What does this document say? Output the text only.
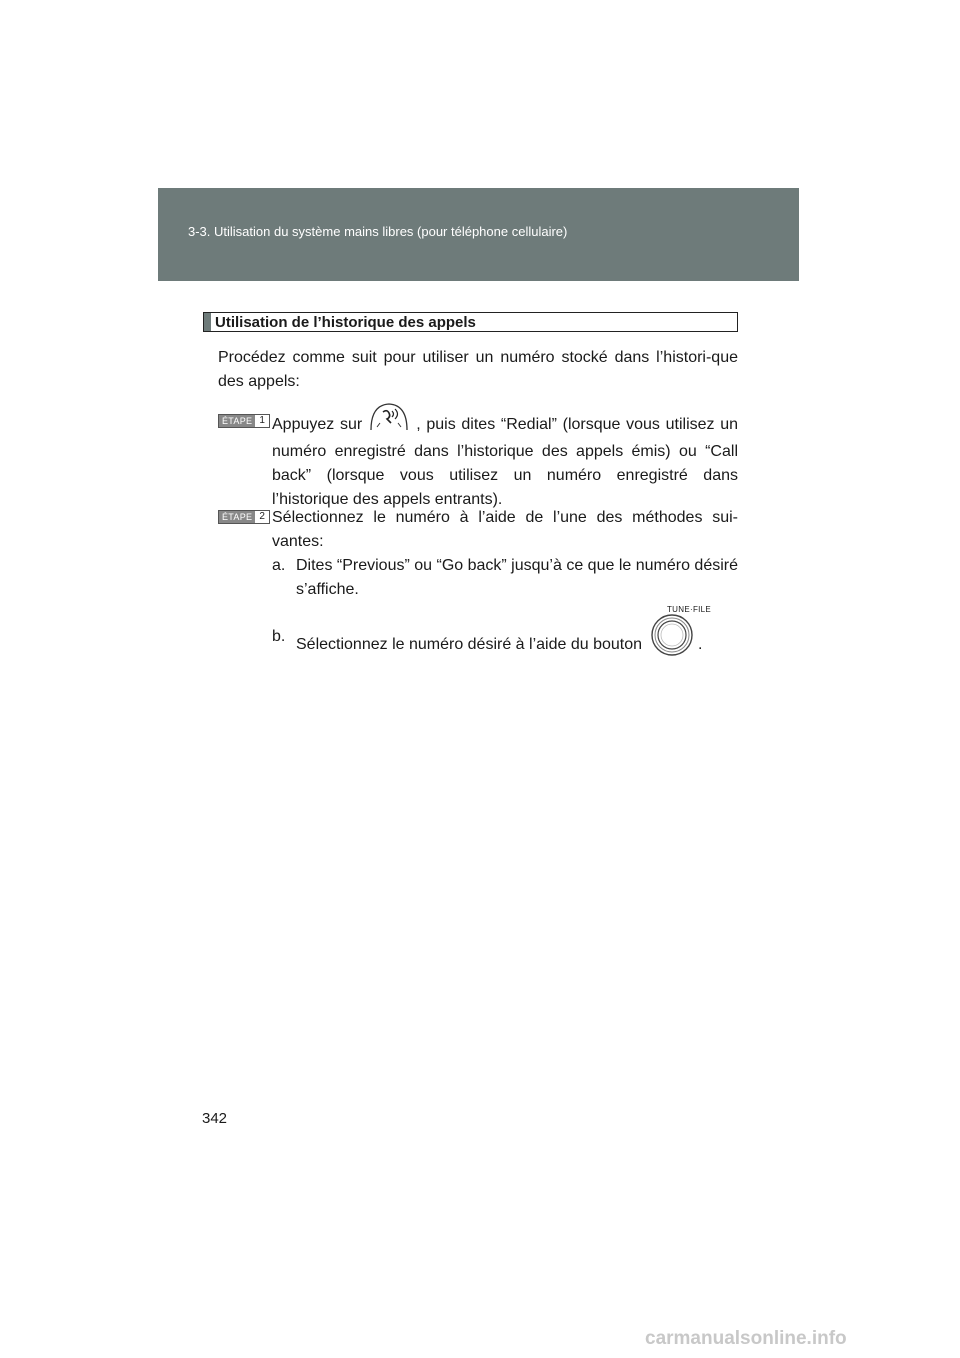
3-3. Utilisation du système mains libres (pour téléphone cellulaire)
Utilisation de l’historique des appels
Procédez comme suit pour utiliser un numéro stocké dans l’histori-que des appels:
ÉTAPE 1 Appuyez sur	, puis dites “Redial” (lorsque vous utilisez un numéro enregistré dans l’historique des appels émis) ou “Call back” (lorsque vous utilisez un numéro enregistré dans l’historique des appels entrants).
ÉTAPE 2 Sélectionnez le numéro à l’aide de l’une des méthodes sui-vantes:
a. Dites “Previous” ou “Go back” jusqu’à ce que le numéro désiré s’affiche.
TUNE·FILE
b. Sélectionnez le numéro désiré à l’aide du bouton	.
342
carmanualsonline.info
